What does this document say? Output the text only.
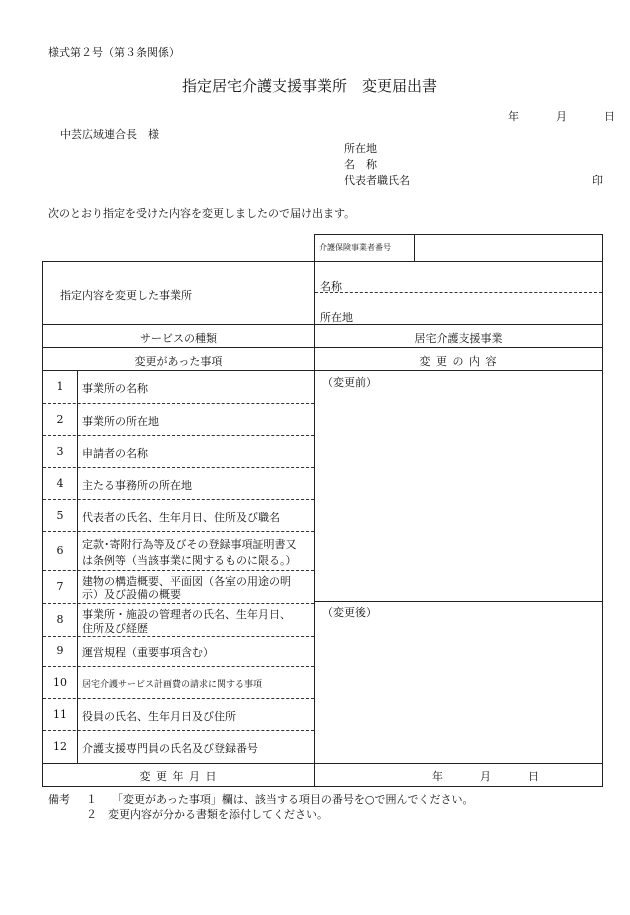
様式第２号（第３条関係）
指定居宅介護支援事業所　変更届出書
年	月	日
中芸広域連合長　様
所在地
名　称
代表者職氏名	印
次のとおり指定を受けた内容を変更しましたので届け出ます。
介護保険事業者番号
指定内容を変更した事業所
名称
所在地
サービスの種類	居宅介護支援事業
変更があった事項	変 更 の 内 容
（変更前）
（変更後）
1	事業所の名称
2	事業所の所在地
3	申請者の名称
4	主たる事務所の所在地
5	代表者の氏名、生年月日、住所及び職名
6	定款･寄附行為等及びその登録事項証明書又
は条例等（当該事業に関するものに限る。）
7	建物の構造概要、平面図（各室の用途の明
示）及び設備の概要
8	事業所・施設の管理者の氏名、生年月日、
住所及び経歴
9	運営規程（重要事項含む）
10	居宅介護サービス計画費の請求に関する事項
11	役員の氏名、生年月日及び住所
12	介護支援専門員の氏名及び登録番号
変 更 年 月 日	年	月	日
備考 １ 「変更があった事項」欄は、該当する項目の番号を○で囲んでください。
２ 変更内容が分かる書類を添付してください。
